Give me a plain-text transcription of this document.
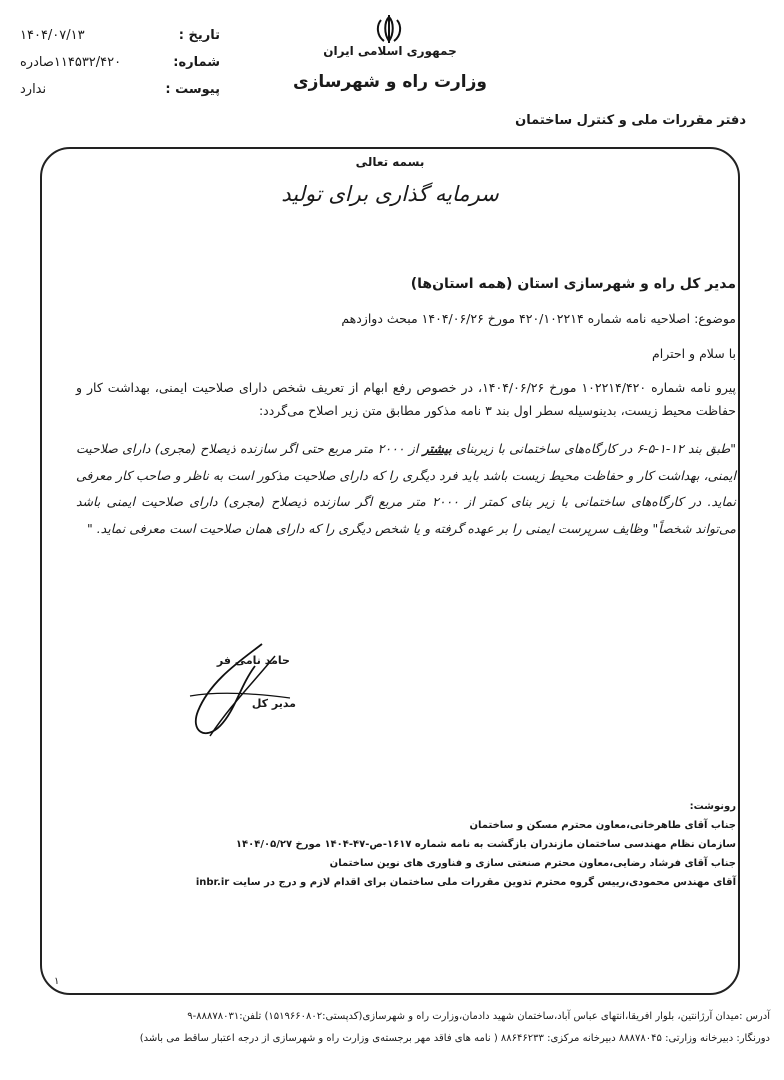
تاریخ :
۱۴۰۴/۰۷/۱۳
شماره:
۱۱۴۵۳۲/۴۲۰صادره
پیوست :
ندارد
جمهوری اسلامی ایران
وزارت راه و شهرسازی
دفتر مقررات ملی و کنترل ساختمان
بسمه تعالی
سرمایه گذاری برای تولید
مدیر کل راه و شهرسازی استان (همه استان‌ها)
موضوع: اصلاحیه نامه شماره ۴۲۰/۱۰۲۲۱۴ مورخ ۱۴۰۴/۰۶/۲۶ مبحث دوازدهم
با سلام و احترام
پیرو نامه شماره ۱۰۲۲۱۴/۴۲۰ مورخ ۱۴۰۴/۰۶/۲۶، در خصوص رفع ابهام از تعریف شخص دارای صلاحیت ایمنی، بهداشت کار و حفاظت محیط زیست، بدینوسیله سطر اول بند ۳ نامه مذکور مطابق متن زیر اصلاح می‌گردد:
"طبق بند ۱۲-۱-۵-۶ در کارگاه‌های ساختمانی با زیربنای بیشتر از ۲۰۰۰ متر مربع حتی اگر سازنده ذیصلاح (مجری) دارای صلاحیت ایمنی، بهداشت کار و حفاظت محیط زیست باشد باید فرد دیگری را که دارای صلاحیت مذکور است به ناظر و صاحب کار معرفی نماید. در کارگاه‌های ساختمانی با زیر بنای کمتر از ۲۰۰۰ متر مربع اگر سازنده ذیصلاح (مجری) دارای صلاحیت ایمنی باشد می‌تواند شخصاً" وظایف سرپرست ایمنی را بر عهده گرفته و یا شخص دیگری را که دارای همان صلاحیت است معرفی نماید. "
حامد نامی فر
مدیر کل
رونوشت:
جناب آقای طاهرخانی،معاون محترم مسکن و ساختمان
سازمان نظام مهندسی ساختمان مازندران بازگشت به نامه شماره ۱۶۱۷-ص-۴۷-۱۴۰۴ مورخ ۱۴۰۴/۰۵/۲۷
جناب آقای فرشاد رضایی،معاون محترم صنعتی سازی و فناوری های نوین ساختمان
آقای مهندس محمودی،رییس گروه محترم تدوین مقررات ملی ساختمان برای اقدام لازم و درج در سایت inbr.ir
۱
آدرس :میدان آرژانتین، بلوار افریقا،انتهای عباس آباد،ساختمان شهید دادمان،وزارت راه و شهرسازی(کدپستی:۱۵۱۹۶۶۰۸۰۲) تلفن:۸۸۸۷۸۰۳۱-۹
دورنگار: دبیرخانه وزارتی: ۸۸۸۷۸۰۴۵ دبیرخانه مرکزی: ۸۸۶۴۶۲۳۳ ( نامه های فاقد مهر برجسته‌ی وزارت راه و شهرسازی از درجه اعتبار ساقط می باشد)
